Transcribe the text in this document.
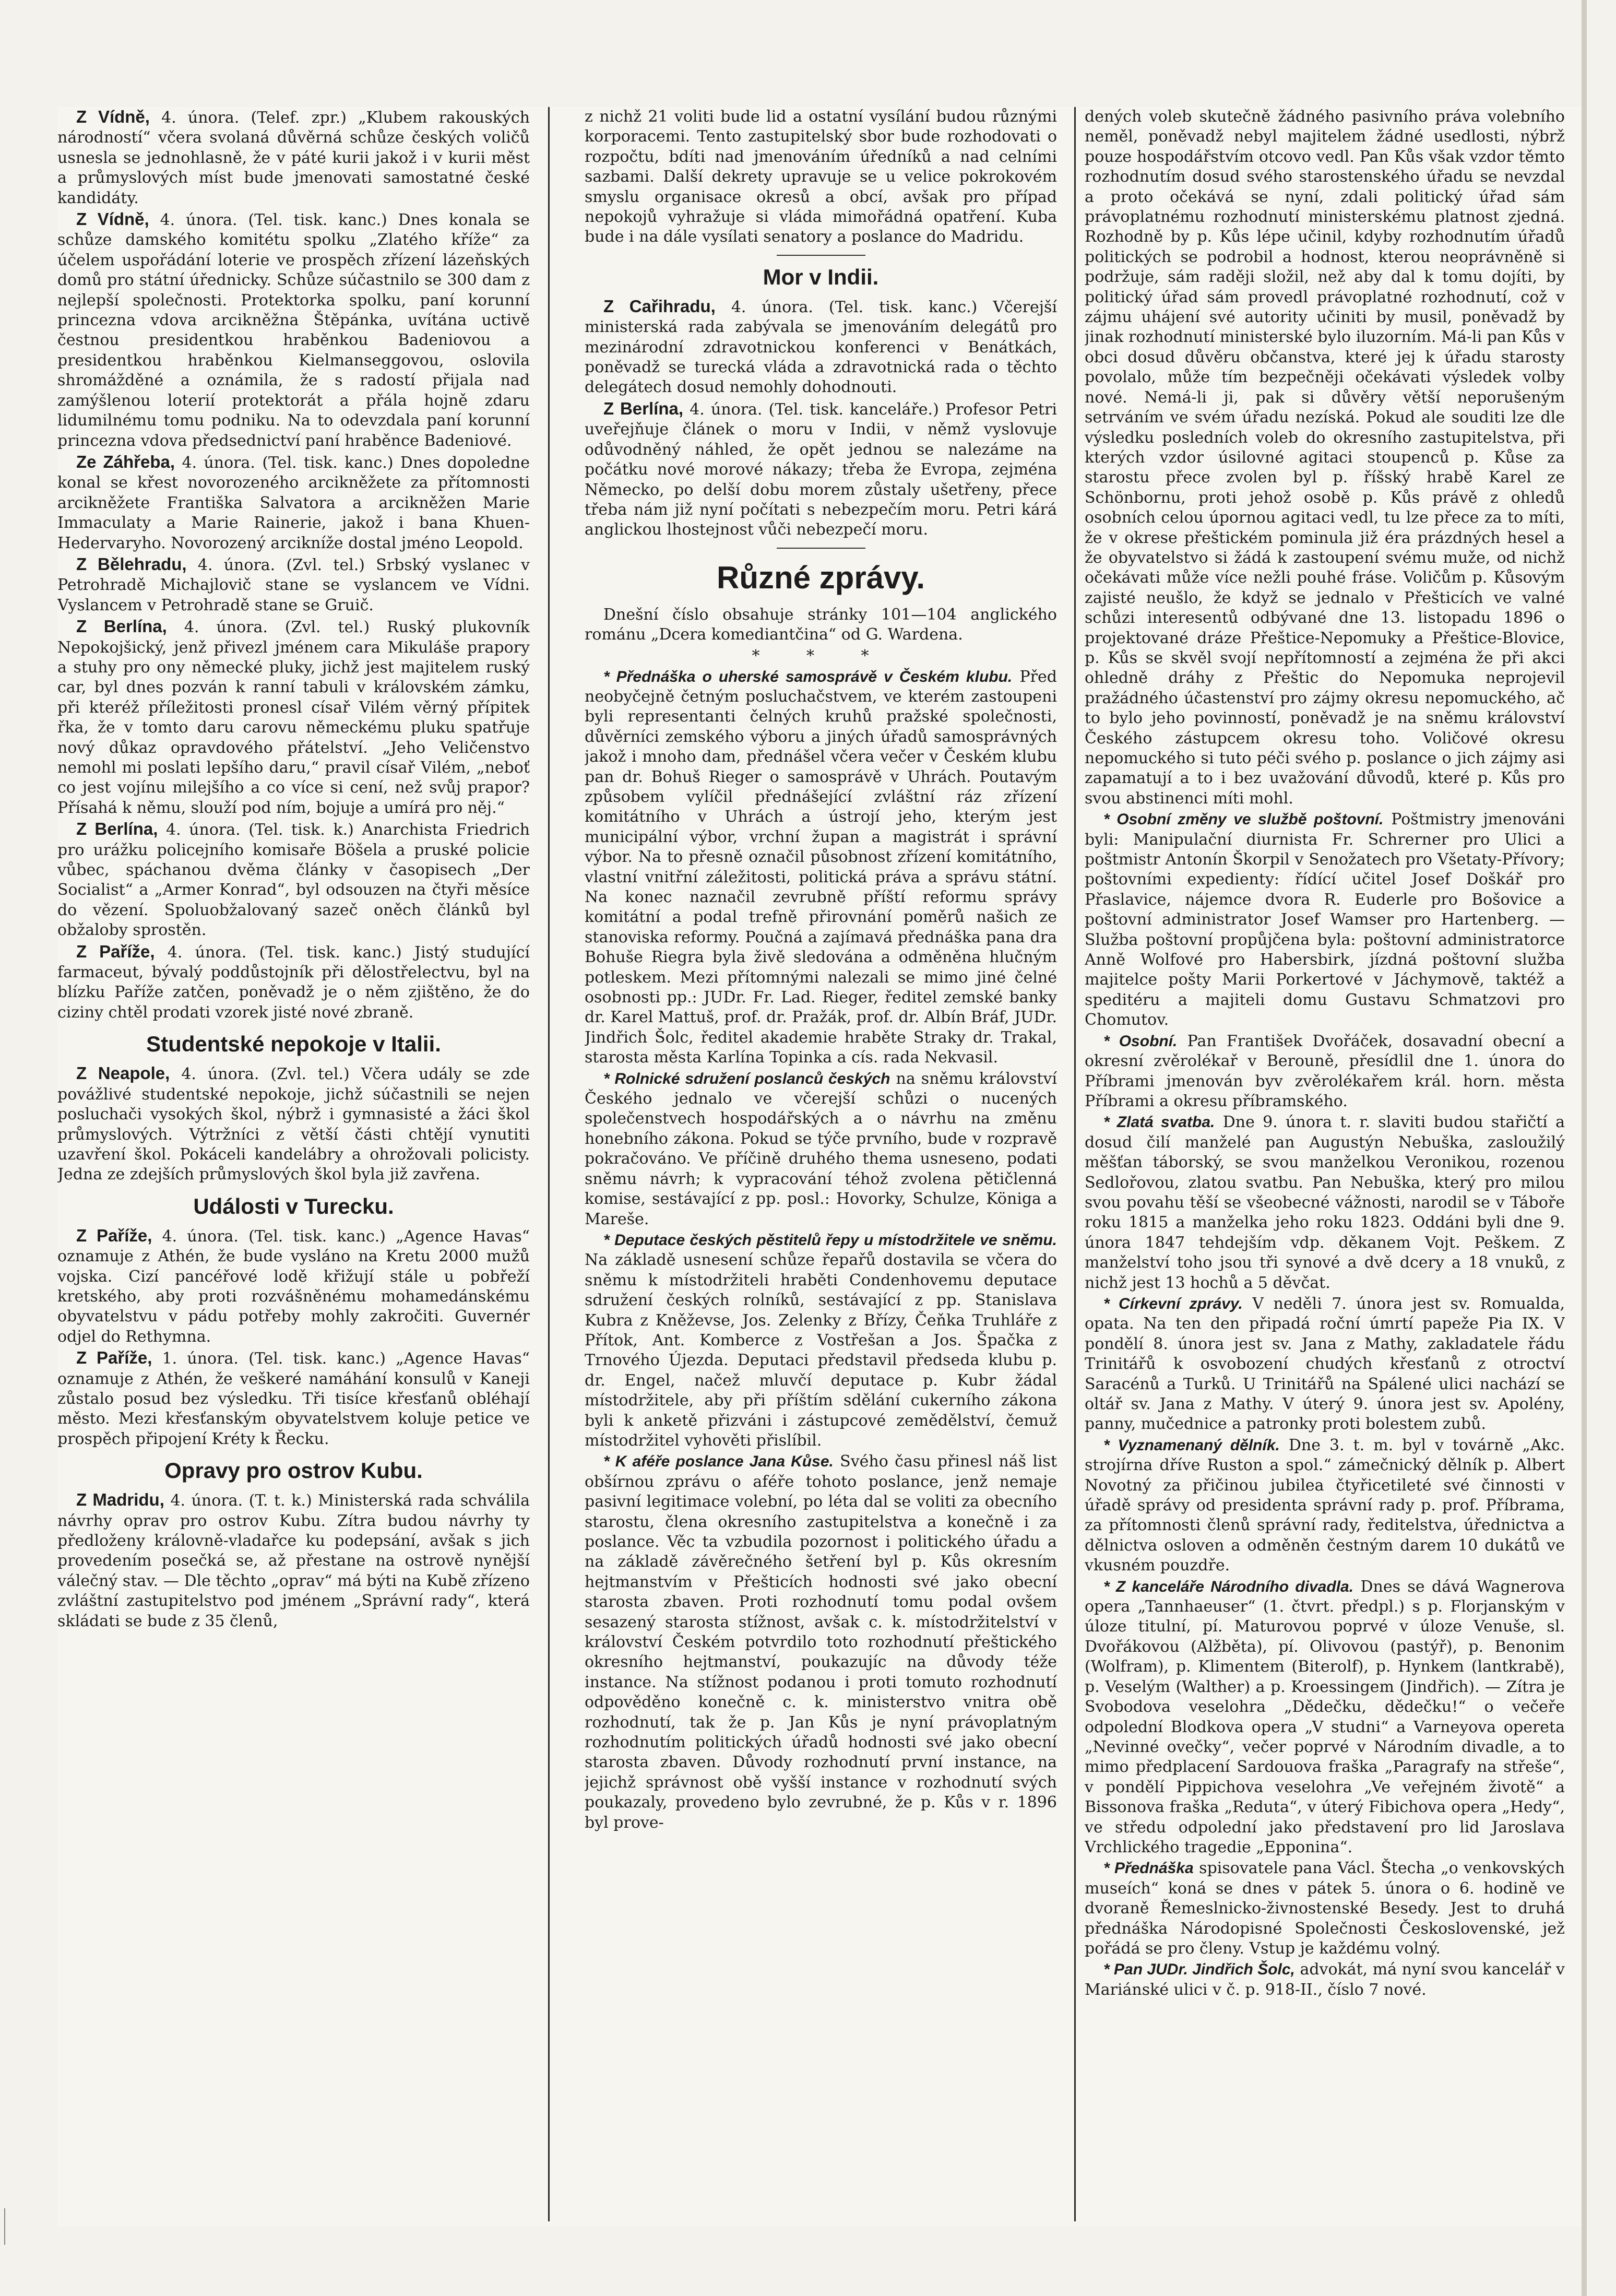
Z Vídně, 4. února. (Telef. zpr.) „Klubem rakouských národností“ včera svolaná důvěrná schůze českých voličů usnesla se jednohlasně, že v páté kurii jakož i v kurii měst a průmyslových míst bude jmenovati samostatné české kandidáty.

Z Vídně, 4. února. (Tel. tisk. kanc.) Dnes konala se schůze damského komitétu spolku „Zlatého kříže“ za účelem uspořádání loterie ve prospěch zřízení lázeňských domů pro státní úřednicky. Schůze súčastnilo se 300 dam z nejlepší společnosti. Protektorka spolku, paní korunní princezna vdova arcikněžna Štěpánka, uvítána uctivě čestnou presidentkou hraběnkou Badeniovou a presidentkou hraběnkou Kielmanseggovou, oslovila shromážděné a oznámila, že s radostí přijala nad zamýšlenou loterií protektorát a přála hojně zdaru lidumilnému tomu podniku. Na to odevzdala paní korunní princezna vdova předsednictví paní hraběnce Badeniové.

Ze Záhřeba, 4. února. (Tel. tisk. kanc.) Dnes dopoledne konal se křest novorozeného arcikněžete za přítomnosti arcikněžete Františka Salvatora a arcikněžen Marie Immaculaty a Marie Rainerie, jakož i bana Khuen-Hedervaryho. Novorozený arcikníže dostal jméno Leopold.

Z Bělehradu, 4. února. (Zvl. tel.) Srbský vyslanec v Petrohradě Michajlovič stane se vyslancem ve Vídni. Vyslancem v Petrohradě stane se Gruič.

Z Berlína, 4. února. (Zvl. tel.) Ruský plukovník Nepokojšický, jenž přivezl jménem cara Mikuláše prapory a stuhy pro ony německé pluky, jichž jest majitelem ruský car, byl dnes pozván k ranní tabuli v královském zámku, při kteréž příležitosti pronesl císař Vilém věrný přípitek řka, že v tomto daru carovu německému pluku spatřuje nový důkaz opravdového přátelství. „Jeho Veličenstvo nemohl mi poslati lepšího daru,“ pravil císař Vilém, „neboť co jest vojínu milejšího a co více si cení, než svůj prapor? Přísahá k němu, slouží pod ním, bojuje a umírá pro něj.“

Z Berlína, 4. února. (Tel. tisk. k.) Anarchista Friedrich pro urážku policejního komisaře Böšela a pruské policie vůbec, spáchanou dvěma články v časopisech „Der Socialist“ a „Armer Konrad“, byl odsouzen na čtyři měsíce do vězení. Spoluobžalovaný sazeč oněch článků byl obžaloby sprostěn.

Z Paříže, 4. února. (Tel. tisk. kanc.) Jistý studující farmaceut, bývalý poddůstojník při dělostřelectvu, byl na blízku Paříže zatčen, poněvadž je o něm zjištěno, že do ciziny chtěl prodati vzorek jisté nové zbraně.

Studentské nepokoje v Italii.

Z Neapole, 4. února. (Zvl. tel.) Včera udály se zde povážlivé studentské nepokoje, jichž súčastnili se nejen posluchači vysokých škol, nýbrž i gymnasisté a žáci škol průmyslových. Výtržníci z větší části chtějí vynutiti uzavření škol. Pokáceli kandelábry a ohrožovali policisty. Jedna ze zdejších průmyslových škol byla již zavřena.

Události v Turecku.

Z Paříže, 4. února. (Tel. tisk. kanc.) „Agence Havas“ oznamuje z Athén, že bude vysláno na Kretu 2000 mužů vojska. Cizí pancéřové lodě křižují stále u pobřeží kretského, aby proti rozvášněnému mohamedánskému obyvatelstvu v pádu potřeby mohly zakročiti. Guvernér odjel do Rethymna.

Z Paříže, 1. února. (Tel. tisk. kanc.) „Agence Havas“ oznamuje z Athén, že veškeré namáhání konsulů v Kaneji zůstalo posud bez výsledku. Tři tisíce křesťanů obléhají město. Mezi křesťanským obyvatelstvem koluje petice ve prospěch připojení Kréty k Řecku.

Opravy pro ostrov Kubu.

Z Madridu, 4. února. (T. t. k.) Ministerská rada schválila návrhy oprav pro ostrov Kubu. Zítra budou návrhy ty předloženy královně-vladařce ku podepsání, avšak s jich provedením posečká se, až přestane na ostrově nynější válečný stav. — Dle těchto „oprav“ má býti na Kubě zřízeno zvláštní zastupitelstvo pod jménem „Správní rady“, která skládati se bude z 35 členů,

z nichž 21 voliti bude lid a ostatní vysílání budou různými korporacemi. Tento zastupitelský sbor bude rozhodovati o rozpočtu, bdíti nad jmenováním úředníků a nad celními sazbami. Další dekrety upravuje se u velice pokrokovém smyslu organisace okresů a obcí, avšak pro případ nepokojů vyhražuje si vláda mimořádná opatření. Kuba bude i na dále vysílati senatory a poslance do Madridu.

Mor v Indii.

Z Cařihradu, 4. února. (Tel. tisk. kanc.) Včerejší ministerská rada zabývala se jmenováním delegátů pro mezinárodní zdravotnickou konferenci v Benátkách, poněvadž se turecká vláda a zdravotnická rada o těchto delegátech dosud nemohly dohodnouti.

Z Berlína, 4. února. (Tel. tisk. kanceláře.) Profesor Petri uveřejňuje článek o moru v Indii, v němž vyslovuje odůvodněný náhled, že opět jednou se nalezáme na počátku nové morové nákazy; třeba že Evropa, zejména Německo, po delší dobu morem zůstaly ušetřeny, přece třeba nám již nyní počítati s nebezpečím moru. Petri kárá anglickou lhostejnost vůči nebezpečí moru.

Různé zprávy.

Dnešní číslo obsahuje stránky 101—104 anglického románu „Dcera komediantčina“ od G. Wardena.

* * *

* Přednáška o uherské samosprávě v Českém klubu. Před neobyčejně četným posluchačstvem, ve kterém zastoupeni byli representanti čelných kruhů pražské společnosti, důvěrníci zemského výboru a jiných úřadů samosprávných jakož i mnoho dam, přednášel včera večer v Českém klubu pan dr. Bohuš Rieger o samosprávě v Uhrách. Poutavým způsobem vylíčil přednášející zvláštní ráz zřízení komitátního v Uhrách a ústrojí jeho, kterým jest municipální výbor, vrchní župan a magistrát i správní výbor. Na to přesně označil působnost zřízení komitátního, vlastní vnitřní záležitosti, politická práva a správu státní. Na konec naznačil zevrubně příští reformu správy komitátní a podal trefně přirovnání poměrů našich ze stanoviska reformy. Poučná a zajímavá přednáška pana dra Bohuše Riegra byla živě sledována a odměněna hlučným potleskem. Mezi přítomnými nalezali se mimo jiné čelné osobnosti pp.: JUDr. Fr. Lad. Rieger, ředitel zemské banky dr. Karel Mattuš, prof. dr. Pražák, prof. dr. Albín Bráf, JUDr. Jindřich Šolc, ředitel akademie hraběte Straky dr. Trakal, starosta města Karlína Topinka a cís. rada Nekvasil.

* Rolnické sdružení poslanců českých na sněmu království Českého jednalo ve včerejší schůzi o nucených společenstvech hospodářských a o návrhu na změnu honebního zákona. Pokud se týče prvního, bude v rozpravě pokračováno. Ve příčině druhého thema usneseno, podati sněmu návrh; k vypracování téhož zvolena pětičlenná komise, sestávající z pp. posl.: Hovorky, Schulze, Königa a Mareše.

* Deputace českých pěstitelů řepy u místodržitele ve sněmu. Na základě usnesení schůze řepařů dostavila se včera do sněmu k místodržiteli hraběti Condenhovemu deputace sdružení českých rolníků, sestávající z pp. Stanislava Kubra z Kněževse, Jos. Zelenky z Břízy, Čeňka Truhláře z Přítok, Ant. Komberce z Vostřešan a Jos. Špačka z Trnového Újezda. Deputaci představil předseda klubu p. dr. Engel, načež mluvčí deputace p. Kubr žádal místodržitele, aby při příštím sdělání cukerního zákona byli k anketě přizváni i zástupcové zemědělství, čemuž místodržitel vyhověti přislíbil.

* K aféře poslance Jana Kůse. Svého času přinesl náš list obšírnou zprávu o aféře tohoto poslance, jenž nemaje pasivní legitimace volební, po léta dal se voliti za obecního starostu, člena okresního zastupitelstva a konečně i za poslance. Věc ta vzbudila pozornost i politického úřadu a na základě závěrečného šetření byl p. Kůs okresním hejtmanstvím v Přešticích hodnosti své jako obecní starosta zbaven. Proti rozhodnutí tomu podal ovšem sesazený starosta stížnost, avšak c. k. místodržitelství v království Českém potvrdilo toto rozhodnutí přeštického okresního hejtmanství, poukazujíc na důvody téže instance. Na stížnost podanou i proti tomuto rozhodnutí odpověděno konečně c. k. ministerstvo vnitra obě rozhodnutí, tak že p. Jan Kůs je nyní právoplatným rozhodnutím politických úřadů hodnosti své jako obecní starosta zbaven. Důvody rozhodnutí první instance, na jejichž správnost obě vyšší instance v rozhodnutí svých poukazaly, provedeno bylo zevrubné, že p. Kůs v r. 1896 byl prove-

dených voleb skutečně žádného pasivního práva volebního neměl, poněvadž nebyl majitelem žádné usedlosti, nýbrž pouze hospodářstvím otcovo vedl. Pan Kůs však vzdor těmto rozhodnutím dosud svého starostenského úřadu se nevzdal a proto očekává se nyní, zdali politický úřad sám právoplatnému rozhodnutí ministerskému platnost zjedná. Rozhodně by p. Kůs lépe učinil, kdyby rozhodnutím úřadů politických se podrobil a hodnost, kterou neoprávněně si podržuje, sám raději složil, než aby dal k tomu dojíti, by politický úřad sám provedl právoplatné rozhodnutí, což v zájmu uhájení své autority učiniti by musil, poněvadž by jinak rozhodnutí ministerské bylo iluzorním. Má-li pan Kůs v obci dosud důvěru občanstva, které jej k úřadu starosty povolalo, může tím bezpečněji očekávati výsledek volby nové. Nemá-li ji, pak si důvěry větší neporušeným setrváním ve svém úřadu nezíská. Pokud ale souditi lze dle výsledku posledních voleb do okresního zastupitelstva, při kterých vzdor úsilovné agitaci stoupenců p. Kůse za starostu přece zvolen byl p. říšský hrabě Karel ze Schönbornu, proti jehož osobě p. Kůs právě z ohledů osobních celou úpornou agitaci vedl, tu lze přece za to míti, že v okrese přeštickém pominula již éra prázdných hesel a že obyvatelstvo si žádá k zastoupení svému muže, od nichž očekávati může více nežli pouhé fráse. Voličům p. Kůsovým zajisté neušlo, že když se jednalo v Přešticích ve valné schůzi interesentů odbývané dne 13. listopadu 1896 o projektované dráze Přeštice-Nepomuky a Přeštice-Blovice, p. Kůs se skvěl svojí nepřítomností a zejména že při akci ohledně dráhy z Přeštic do Nepomuka neprojevil pražádného účastenství pro zájmy okresu nepomuckého, ač to bylo jeho povinností, poněvadž je na sněmu království Českého zástupcem okresu toho. Voličové okresu nepomuckého si tuto péči svého p. poslance o jich zájmy asi zapamatují a to i bez uvažování důvodů, které p. Kůs pro svou abstinenci míti mohl.

* Osobní změny ve službě poštovní. Poštmistry jmenováni byli: Manipulační diurnista Fr. Schrerner pro Ulici a poštmistr Antonín Škorpil v Senožatech pro Všetaty-Přívory; poštovními expedienty: řídící učitel Josef Doškář pro Přaslavice, nájemce dvora R. Euderle pro Bošovice a poštovní administrator Josef Wamser pro Hartenberg. — Služba poštovní propůjčena byla: poštovní administratorce Anně Wolfové pro Habersbirk, jízdná poštovní služba majitelce pošty Marii Porkertové v Jáchymově, taktéž a speditéru a majiteli domu Gustavu Schmatzovi pro Chomutov.

* Osobní. Pan František Dvořáček, dosavadní obecní a okresní zvěrolékař v Berouně, přesídlil dne 1. února do Příbrami jmenován byv zvěrolékařem král. horn. města Příbrami a okresu příbramského.

* Zlatá svatba. Dne 9. února t. r. slaviti budou stařičtí a dosud čilí manželé pan Augustýn Nebuška, zasloužilý měšťan táborský, se svou manželkou Veronikou, rozenou Sedlořovou, zlatou svatbu. Pan Nebuška, který pro milou svou povahu těší se všeobecné vážnosti, narodil se v Táboře roku 1815 a manželka jeho roku 1823. Oddáni byli dne 9. února 1847 tehdejším vdp. děkanem Vojt. Peškem. Z manželství toho jsou tři synové a dvě dcery a 18 vnuků, z nichž jest 13 hochů a 5 děvčat.

* Církevní zprávy. V neděli 7. února jest sv. Romualda, opata. Na ten den připadá roční úmrtí papeže Pia IX. V pondělí 8. února jest sv. Jana z Mathy, zakladatele řádu Trinitářů k osvobození chudých křesťanů z otroctví Saracénů a Turků. U Trinitářů na Spálené ulici nachází se oltář sv. Jana z Mathy. V úterý 9. února jest sv. Apolény, panny, mučednice a patronky proti bolestem zubů.

* Vyznamenaný dělník. Dne 3. t. m. byl v továrně „Akc. strojírna dříve Ruston a spol.“ zámečnický dělník p. Albert Novotný za přičinou jubilea čtyřicetileté své činnosti v úřadě správy od presidenta správní rady p. prof. Příbrama, za přítomnosti členů správní rady, ředitelstva, úřednictva a dělnictva osloven a odměněn čestným darem 10 dukátů ve vkusném pouzdře.

* Z kanceláře Národního divadla. Dnes se dává Wagnerova opera „Tannhaeuser“ (1. čtvrt. předpl.) s p. Florjanským v úloze titulní, pí. Maturovou poprvé v úloze Venuše, sl. Dvořákovou (Alžběta), pí. Olivovou (pastýř), p. Benonim (Wolfram), p. Klimentem (Biterolf), p. Hynkem (lantkrabě), p. Veselým (Walther) a p. Kroessingem (Jindřich). — Zítra je Svobodova veselohra „Dědečku, dědečku!“ o večeře odpolední Blodkova opera „V studni“ a Varneyova opereta „Nevinné ovečky“, večer poprvé v Národním divadle, a to mimo předplacení Sardouova fraška „Paragrafy na střeše“, v pondělí Pippichova veselohra „Ve veřejném životě“ a Bissonova fraška „Reduta“, v úterý Fibichova opera „Hedy“, ve středu odpolední jako představení pro lid Jaroslava Vrchlického tragedie „Epponina“.

* Přednáška spisovatele pana Václ. Štecha „o venkovských museích“ koná se dnes v pátek 5. února o 6. hodině ve dvoraně Řemeslnicko-živnostenské Besedy. Jest to druhá přednáška Národopisné Společnosti Československé, jež pořádá se pro členy. Vstup je každému volný.

* Pan JUDr. Jindřich Šolc, advokát, má nyní svou kancelář v Mariánské ulici v č. p. 918-II., číslo 7 nové.
